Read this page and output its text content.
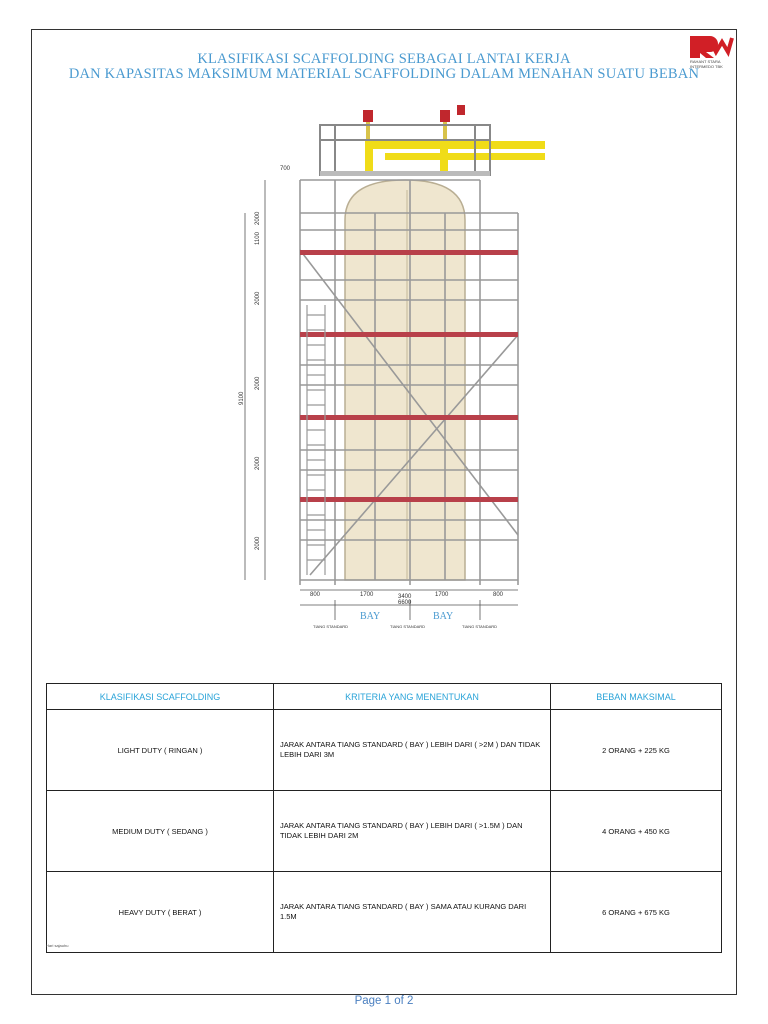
KLASIFIKASI SCAFFOLDING SEBAGAI LANTAI KERJA
DAN KAPASITAS MAKSIMUM MATERIAL SCAFFOLDING DALAM MENAHAN SUATU BEBAN
RAHANT STARA
INTERMEDO TBK
2000
1100
2000
2000
2000
2000
9100
700
800	1700	3400	1700	800
6600
BAY	BAY
TIANG STANDARD	TIANG STANDARD	TIANG STANDARD
KLASIFIKASI SCAFFOLDING	KRITERIA YANG MENENTUKAN	BEBAN MAKSIMAL
LIGHT DUTY ( RINGAN )	JARAK ANTARA TIANG STANDARD ( BAY ) LEBIH DARI ( >2M ) DAN TIDAK LEBIH DARI 3M	2 ORANG + 225 KG
MEDIUM DUTY ( SEDANG )	JARAK ANTARA TIANG STANDARD ( BAY ) LEBIH DARI ( >1.5M ) DAN TIDAK LEBIH DARI 2M	4 ORANG + 450 KG
HEAVY DUTY ( BERAT )	JARAK ANTARA TIANG STANDARD ( BAY ) SAMA ATAU KURANG DARI 1.5M	6 ORANG + 675 KG
Hari sajauhu
Page 1 of 2
